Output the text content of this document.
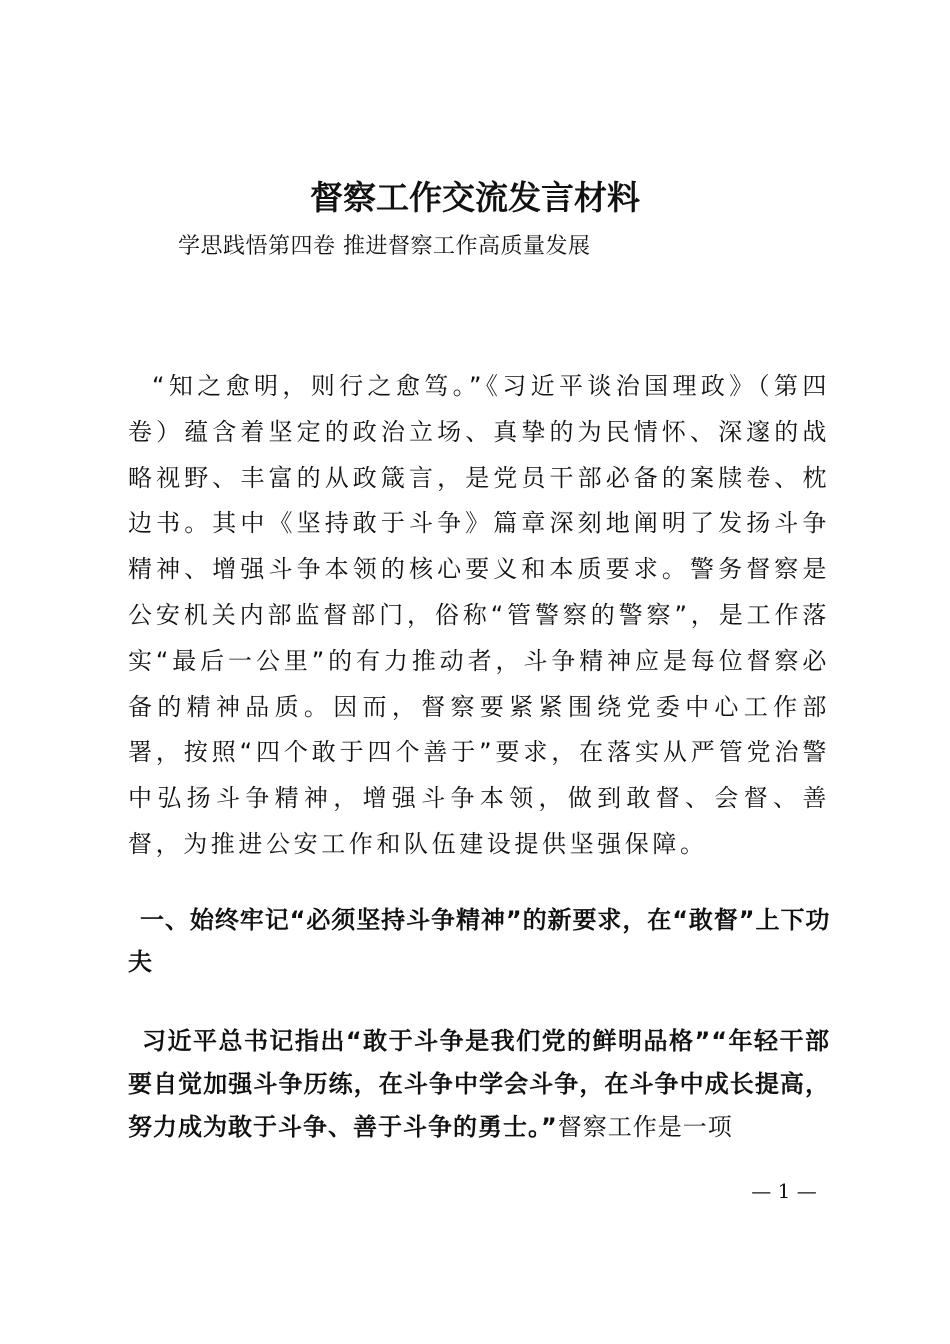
督察工作交流发言材料

学思践悟第四卷 推进督察工作高质量发展

“知之愈明，则行之愈笃。”《习近平谈治国理政》（第四卷）蕴含着坚定的政治立场、真挚的为民情怀、深邃的战略视野、丰富的从政箴言，是党员干部必备的案牍卷、枕边书。其中《坚持敢于斗争》篇章深刻地阐明了发扬斗争精神、增强斗争本领的核心要义和本质要求。警务督察是公安机关内部监督部门，俗称“管警察的警察”，是工作落实“最后一公里”的有力推动者，斗争精神应是每位督察必备的精神品质。因而，督察要紧紧围绕党委中心工作部署，按照“四个敢于四个善于”要求，在落实从严管党治警中弘扬斗争精神，增强斗争本领，做到敢督、会督、善督，为推进公安工作和队伍建设提供坚强保障。

一、始终牢记“必须坚持斗争精神”的新要求，在“敢督”上下功夫

习近平总书记指出“敢于斗争是我们党的鲜明品格”“年轻干部要自觉加强斗争历练，在斗争中学会斗争，在斗争中成长提高，努力成为敢于斗争、善于斗争的勇士。”督察工作是一项

— 1 —
